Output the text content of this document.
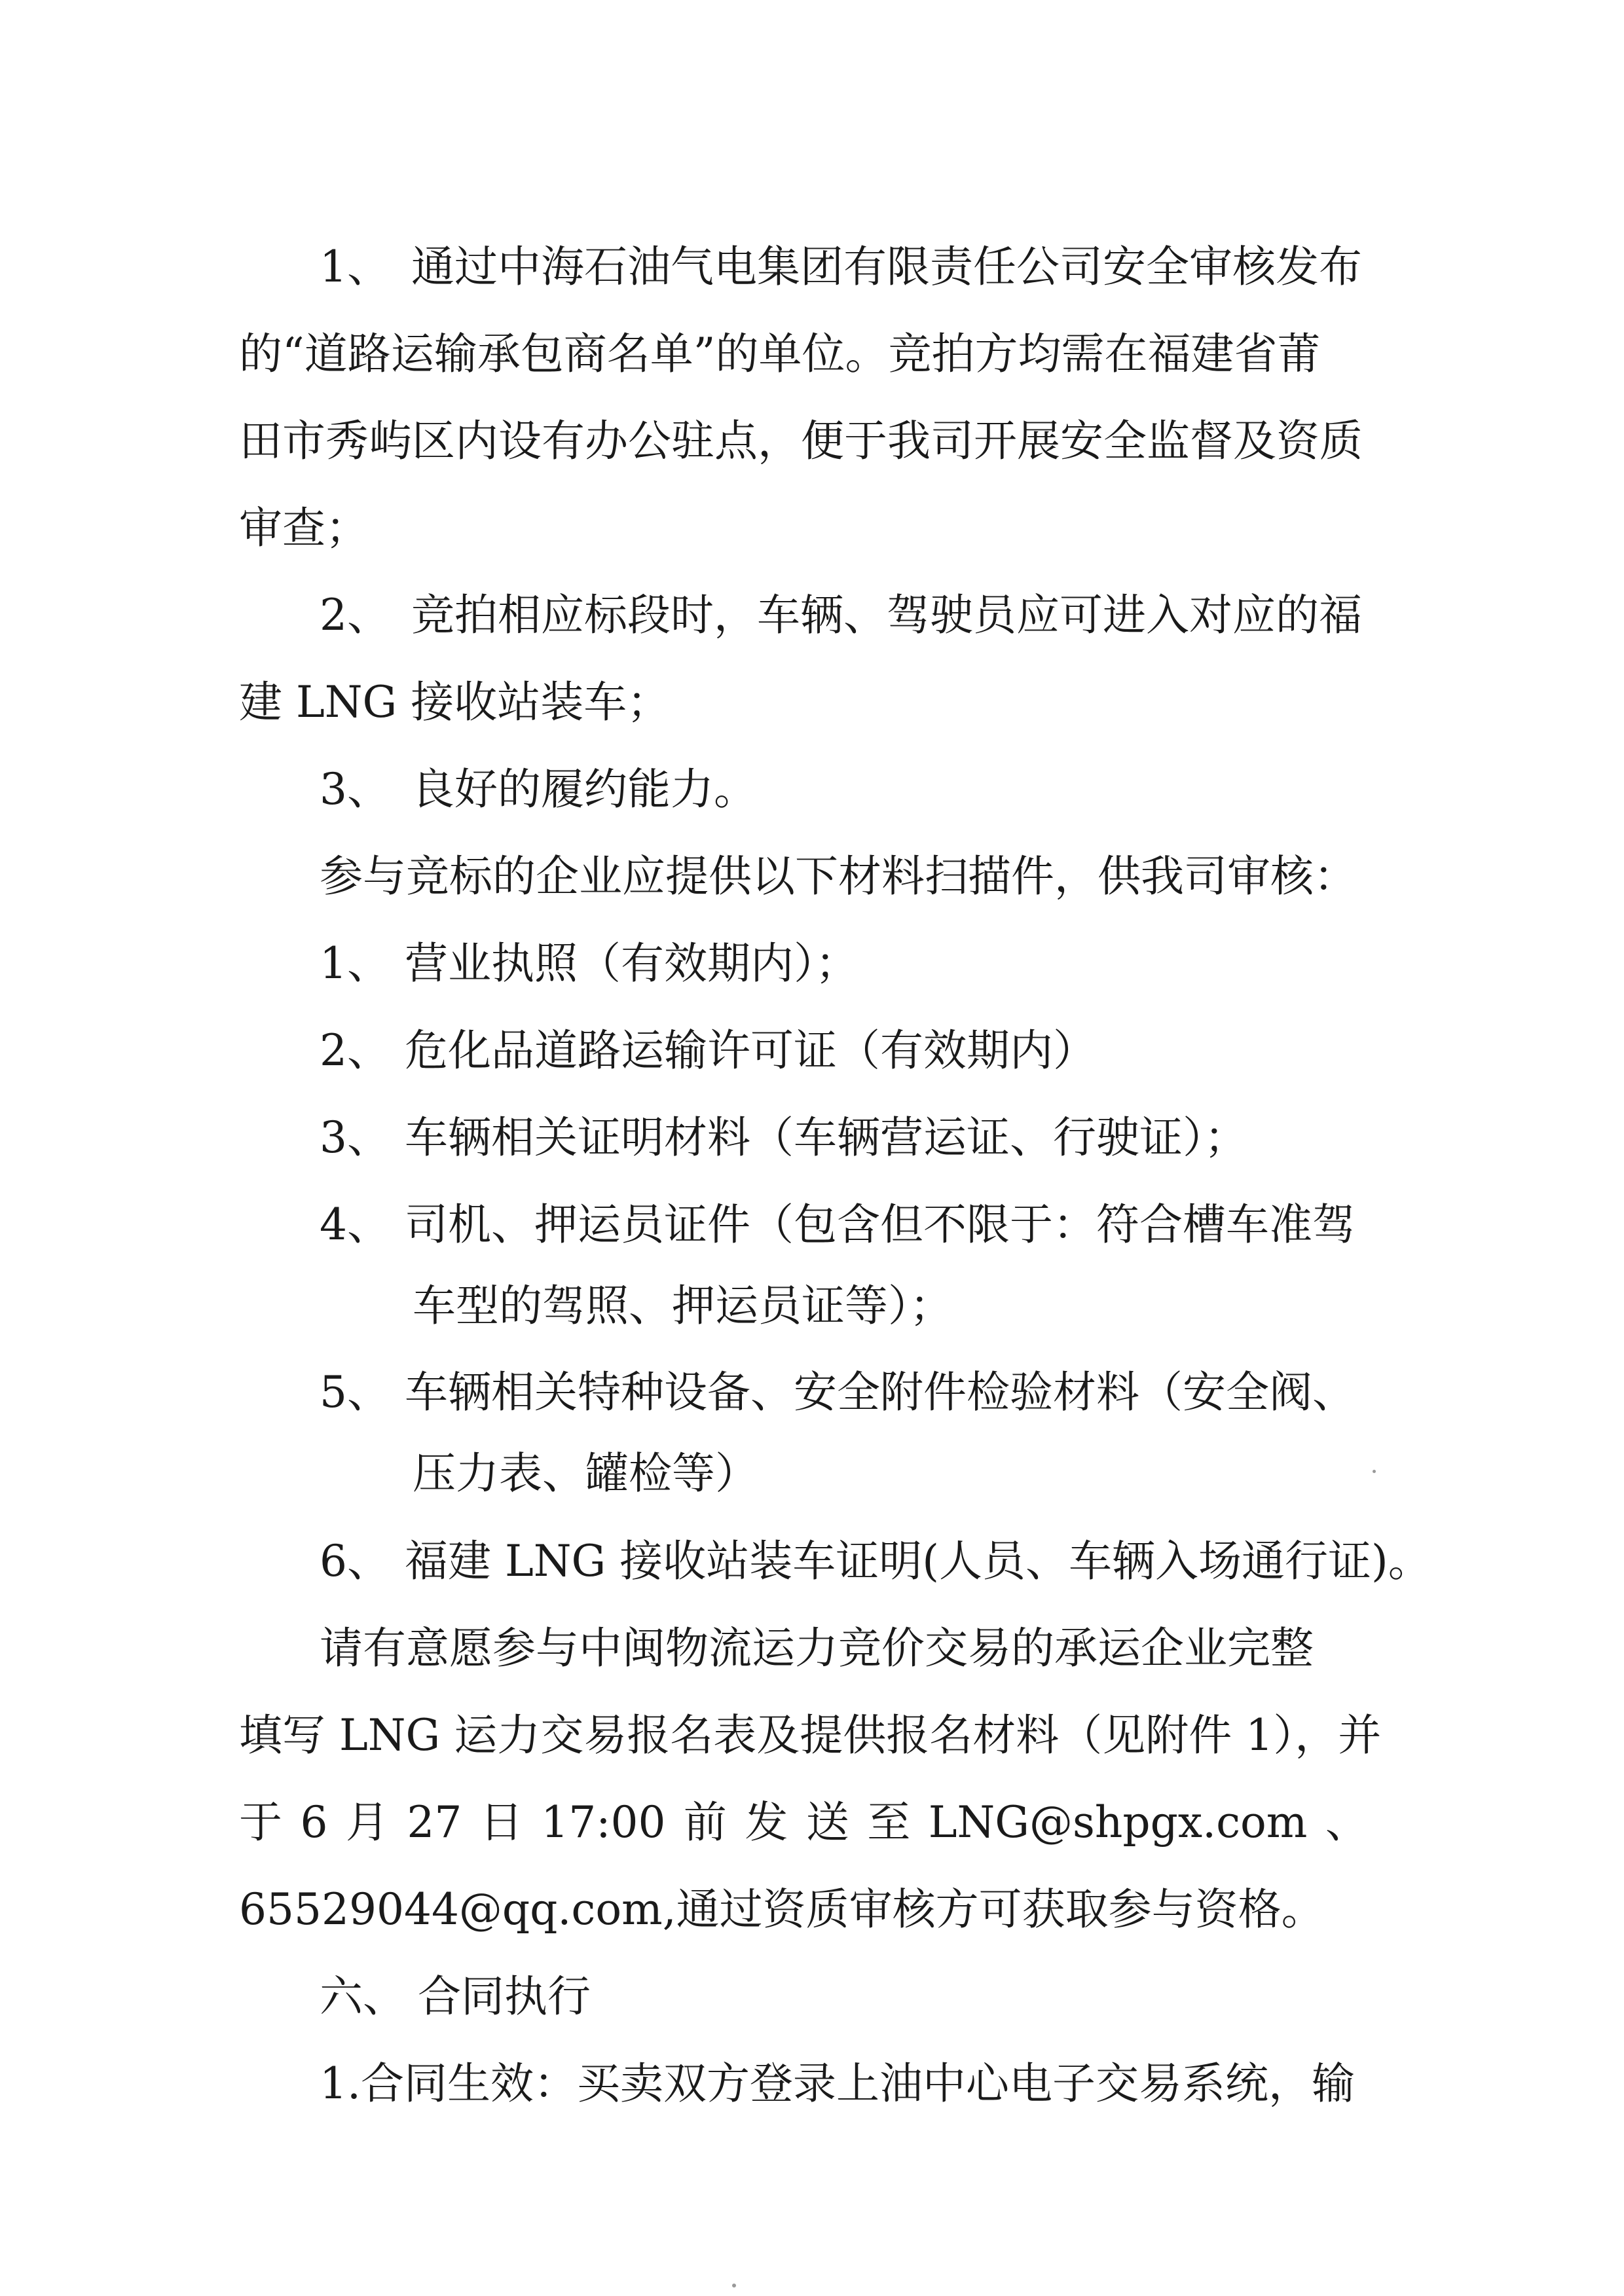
1、 通过中海石油气电集团有限责任公司安全审核发布
的“道路运输承包商名单”的单位。竞拍方均需在福建省莆
田市秀屿区内设有办公驻点，便于我司开展安全监督及资质
审查；
2、 竞拍相应标段时，车辆、驾驶员应可进入对应的福
建 LNG 接收站装车；
3、 良好的履约能力。
参与竞标的企业应提供以下材料扫描件，供我司审核：
1、 营业执照（有效期内）；
2、 危化品道路运输许可证（有效期内）
3、 车辆相关证明材料（车辆营运证、行驶证）；
4、 司机、押运员证件（包含但不限于：符合槽车准驾
车型的驾照、押运员证等）；
5、 车辆相关特种设备、安全附件检验材料（安全阀、
压力表、罐检等）
6、 福建 LNG 接收站装车证明(人员、车辆入场通行证)。
请有意愿参与中闽物流运力竞价交易的承运企业完整
填写 LNG 运力交易报名表及提供报名材料（见附件 1），并
于 6 月 27 日 17:00 前 发 送 至 LNG@shpgx.com 、
65529044@qq.com,通过资质审核方可获取参与资格。
六、 合同执行
1.合同生效：买卖双方登录上油中心电子交易系统，输
